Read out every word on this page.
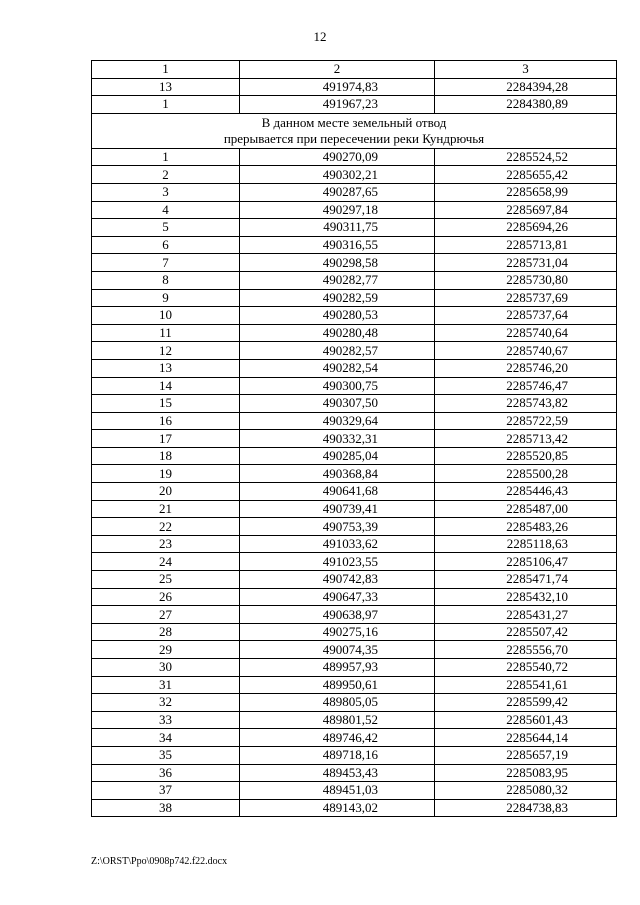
12
1	2	3
13	491974,83	2284394,28
1	491967,23	2284380,89

В данном месте земельный отвод
прерывается при пересечении реки Кундрючья		

1	490270,09	2285524,52
2	490302,21	2285655,42
3	490287,65	2285658,99
4	490297,18	2285697,84
5	490311,75	2285694,26
6	490316,55	2285713,81
7	490298,58	2285731,04
8	490282,77	2285730,80
9	490282,59	2285737,69
10	490280,53	2285737,64
11	490280,48	2285740,64
12	490282,57	2285740,67
13	490282,54	2285746,20
14	490300,75	2285746,47
15	490307,50	2285743,82
16	490329,64	2285722,59
17	490332,31	2285713,42
18	490285,04	2285520,85
19	490368,84	2285500,28
20	490641,68	2285446,43
21	490739,41	2285487,00
22	490753,39	2285483,26
23	491033,62	2285118,63
24	491023,55	2285106,47
25	490742,83	2285471,74
26	490647,33	2285432,10
27	490638,97	2285431,27
28	490275,16	2285507,42
29	490074,35	2285556,70
30	489957,93	2285540,72
31	489950,61	2285541,61
32	489805,05	2285599,42
33	489801,52	2285601,43
34	489746,42	2285644,14
35	489718,16	2285657,19
36	489453,43	2285083,95
37	489451,03	2285080,32
38	489143,02	2284738,83
Z:\ORST\Ppo\0908p742.f22.docx
